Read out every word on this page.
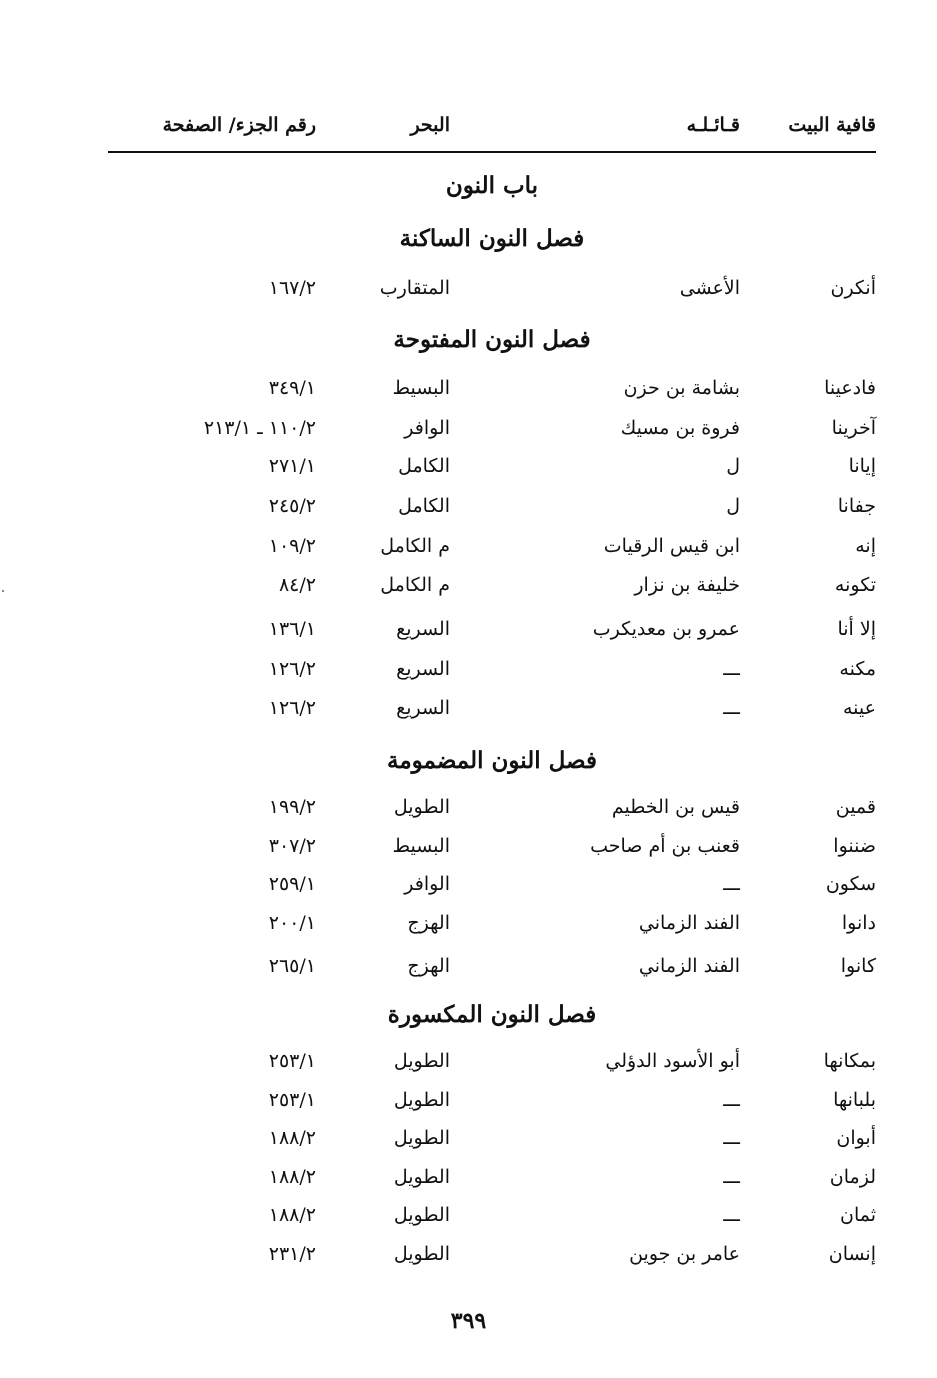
قافية البيت
قـائـلـه
البحر
رقم الجزء/ الصفحة
باب النون
فصل النون الساكنة
أنكرن
الأعشى
المتقارب
١٦٧/٢
فصل النون المفتوحة
فادعينا
بشامة بن حزن
البسيط
٣٤٩/١
آخرينا
فروة بن مسيك
الوافر
١١٠/٢ ـ ٢١٣/١
إيانا
ل
الكامل
٢٧١/١
جفانا
ل
الكامل
٢٤٥/٢
إنه
ابن قيس الرقيات
م الكامل
١٠٩/٢
تكونه
خليفة بن نزار
م الكامل
٨٤/٢
إلا أنا
عمرو بن معديكرب
السريع
١٣٦/١
مكنه
ـــ
السريع
١٢٦/٢
عينه
ـــ
السريع
١٢٦/٢
فصل النون المضمومة
قمين
قيس بن الخطيم
الطويل
١٩٩/٢
ضننوا
قعنب بن أم صاحب
البسيط
٣٠٧/٢
سكون
ـــ
الوافر
٢٥٩/١
دانوا
الفند الزماني
الهزج
٢٠٠/١
كانوا
الفند الزماني
الهزج
٢٦٥/١
فصل النون المكسورة
بمكانها
أبو الأسود الدؤلي
الطويل
٢٥٣/١
بلبانها
ـــ
الطويل
٢٥٣/١
أبوان
ـــ
الطويل
١٨٨/٢
لزمان
ـــ
الطويل
١٨٨/٢
ثمان
ـــ
الطويل
١٨٨/٢
إنسان
عامر بن جوين
الطويل
٢٣١/٢
٣٩٩
